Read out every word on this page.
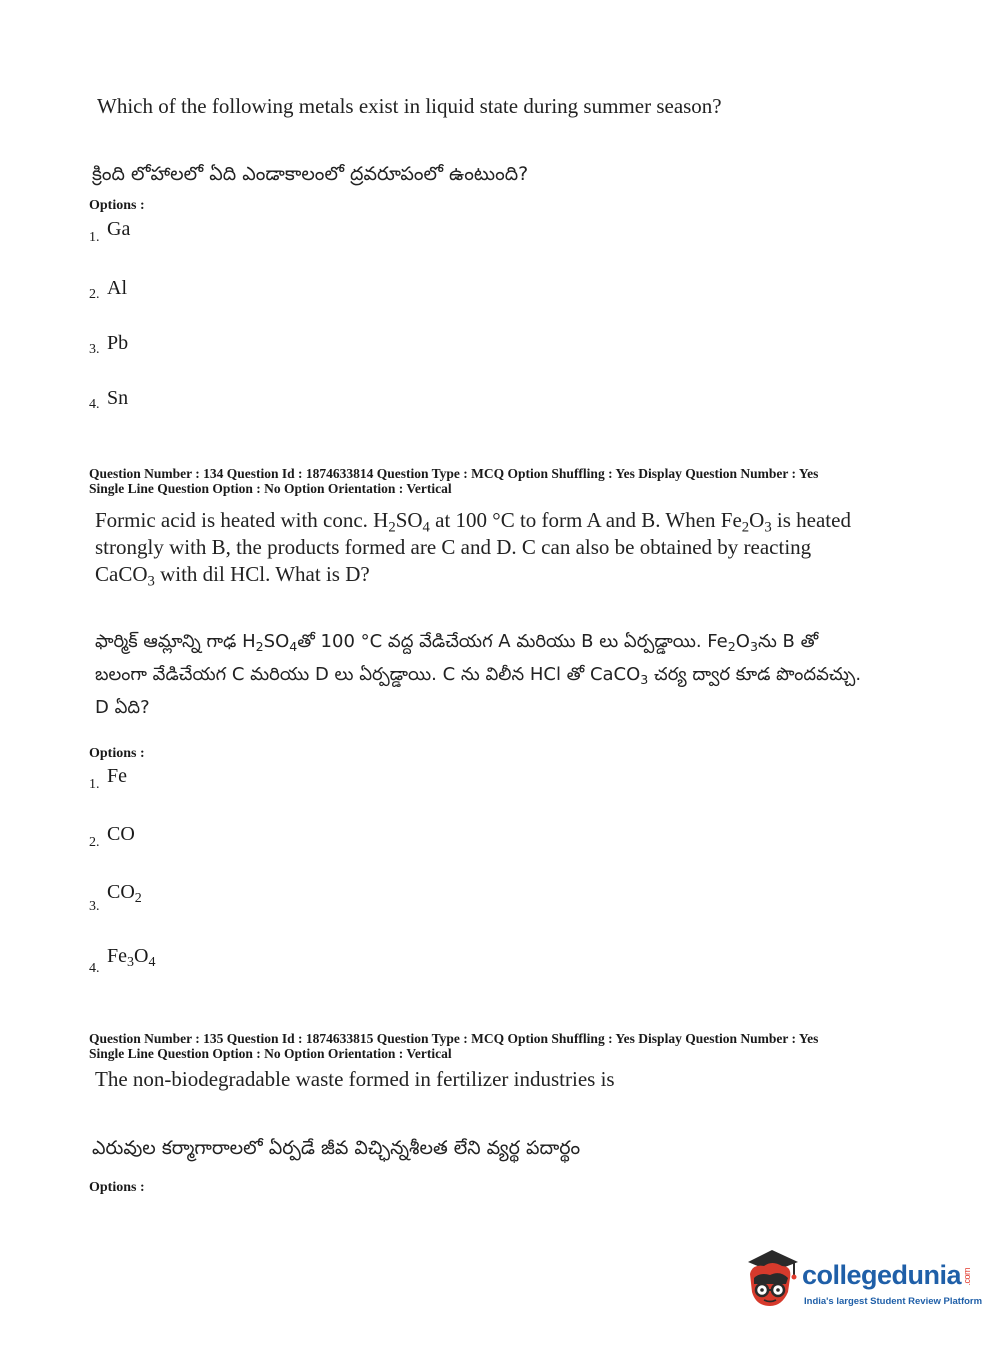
Which of the following metals exist in liquid state during summer season?
క్రింది లోహాలలో ఏది ఎండాకాలంలో ద్రవరూపంలో ఉంటుంది?
Options :
1. Ga
2. Al
3. Pb
4. Sn
Question Number : 134 Question Id : 1874633814 Question Type : MCQ Option Shuffling : Yes Display Question Number : Yes
Single Line Question Option : No Option Orientation : Vertical
Formic acid is heated with conc. $H_2SO_4$ at 100 °C to form A and B. When $Fe_2O_3$ is heated strongly with B, the products formed are C and D. C can also be obtained by reacting CaCO$_3$ with dil HCl. What is D?
ఫార్మిక్ ఆమ్లాన్ని గాఢ $H_2SO_4తో$ 100 °C వద్ద వేడిచేయగ A మరియు B లు ఏర్పడ్డాయి. $Fe_2O_3ను$ B తో బలంగా వేడిచేయగ C మరియు D లు ఏర్పడ్డాయి. C ను విలీన HCl తో CaCO$_3$ చర్య ద్వార కూడ పొందవచ్చు. D ఏది?
Options :
1. Fe
2. CO
3.
$CO_2$
4.
$Fe_3O_4$
Question Number : 135 Question Id : 1874633815 Question Type : MCQ Option Shuffling : Yes Display Question Number : Yes
Single Line Question Option : No Option Orientation : Vertical
The non-biodegradable waste formed in fertilizer industries is
ఎరువుల కర్మాగారాలలో ఏర్పడే జీవ విచ్ఛిన్నశీలత లేని వ్యర్థ పదార్థం
Options :
collegedunia.com
India's largest Student Review Platform
